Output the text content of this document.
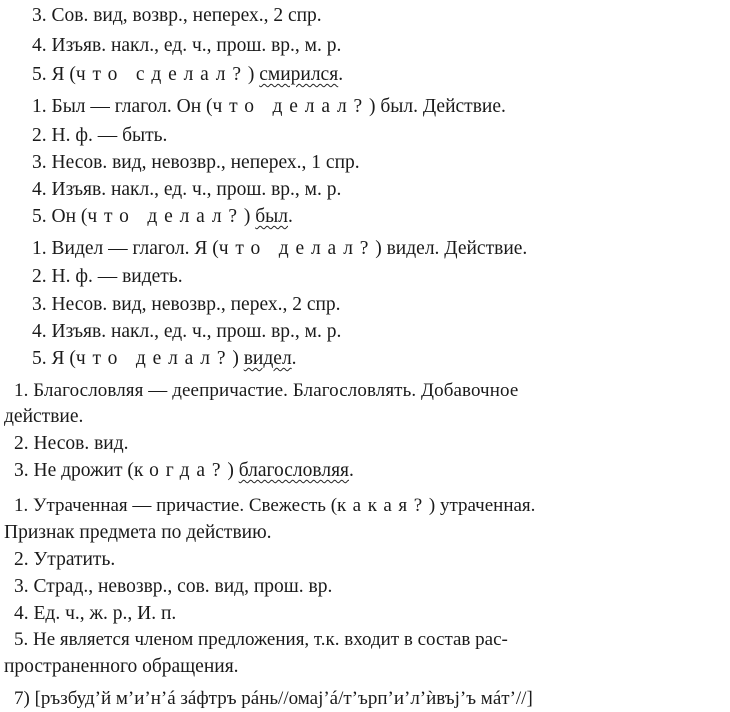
3. Сов. вид, возвр., неперех., 2 спр.

4. Изъяв. накл., ед. ч., прош. вр., м. р.

5. Я (что сделал?) смирился.

1. Был — глагол. Он (что делал?) был. Действие.

2. Н. ф. — быть.

3. Несов. вид, невозвр., неперех., 1 спр.

4. Изъяв. накл., ед. ч., прош. вр., м. р.

5. Он (что делал?) был.

1. Видел — глагол. Я (что делал?) видел. Действие.

2. Н. ф. — видеть.

3. Несов. вид, невозвр., перех., 2 спр.

4. Изъяв. накл., ед. ч., прош. вр., м. р.

5. Я (что делал?) видел.

1. Благословляя — деепричастие. Благословлять. Добавочное

действие.

2. Несов. вид.

3. Не дрожит (когда?) благословляя.

1. Утраченная — причастие. Свежесть (какая?) утраченная.

Признак предмета по действию.

2. Утратить.

3. Страд., невозвр., сов. вид, прош. вр.

4. Ед. ч., ж. р., И. п.

5. Не является членом предложения, т.к. входит в состав рас-

пространенного обращения.

7) [ръзбуд’й м’и’н’á зáфтръ рáнь//омај’á/т’ърп’и’л’ѝвъј’ъ мáт’//]
